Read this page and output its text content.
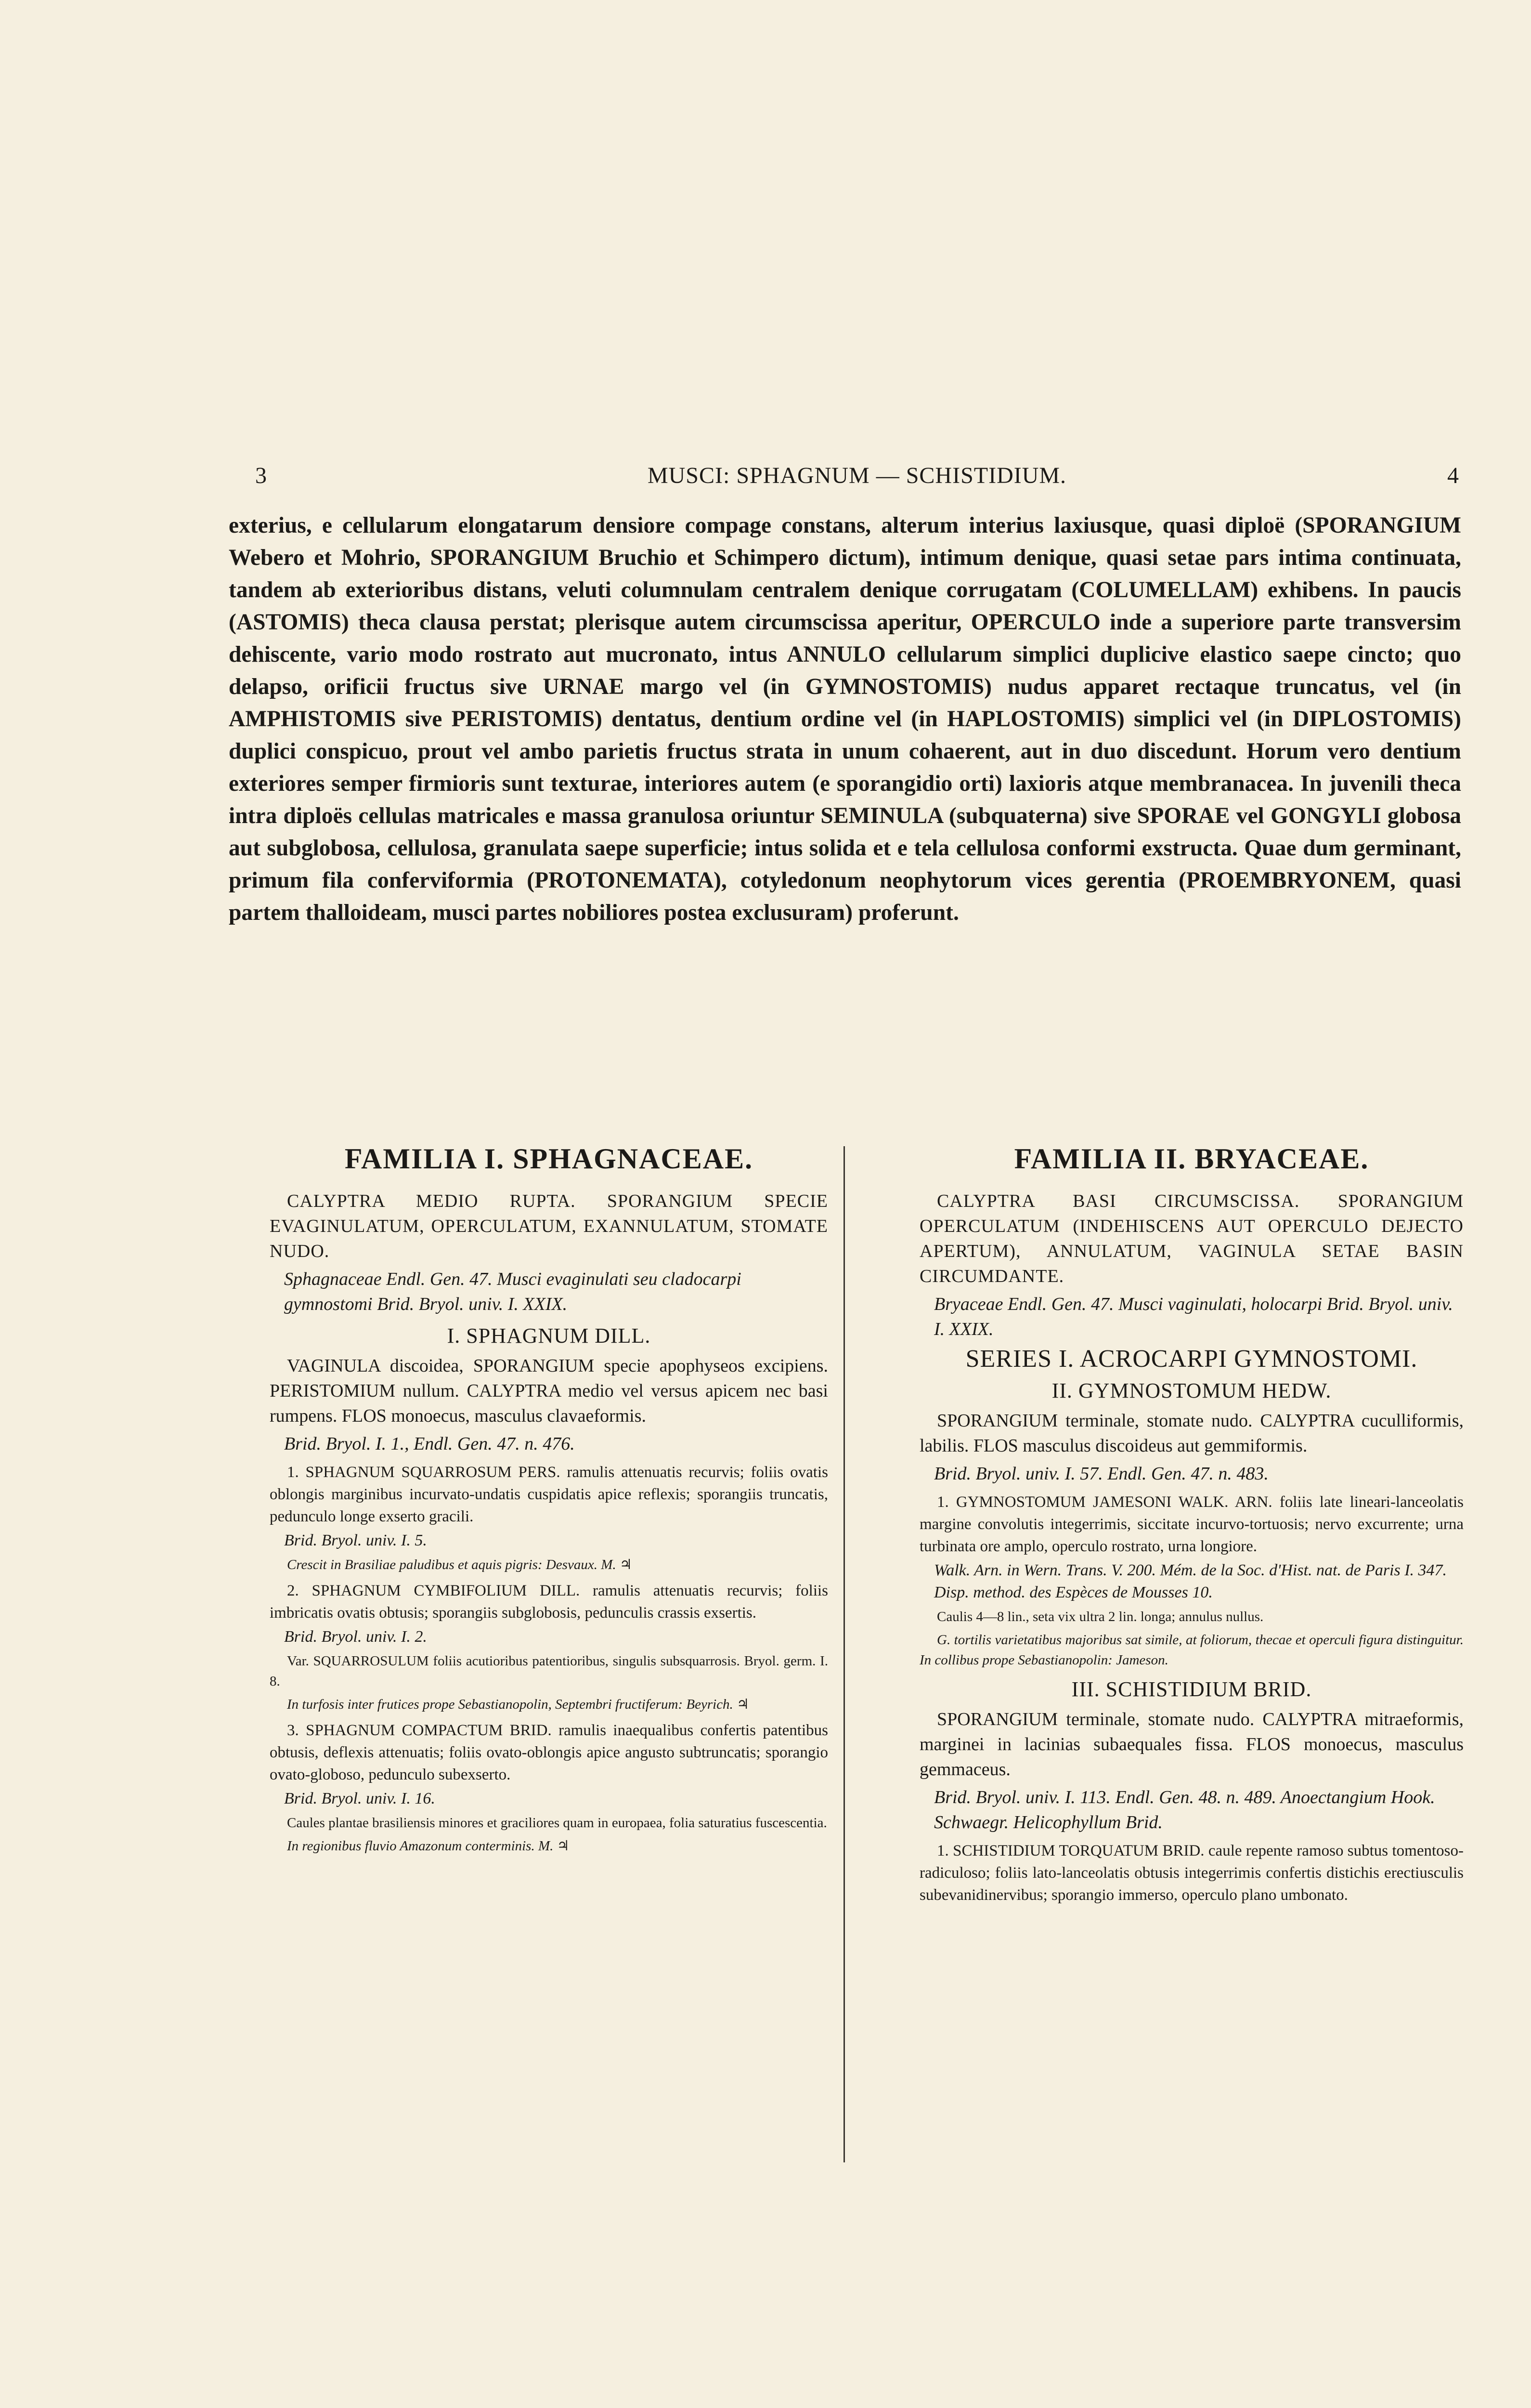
3	MUSCI: SPHAGNUM — SCHISTIDIUM.	4

exterius, e cellularum elongatarum densiore compage constans, alterum interius laxiusque, quasi diploë (SPORANGIUM Webero et Mohrio, SPORANGIUM Bruchio et Schimpero dictum), intimum denique, quasi setae pars intima continuata, tandem ab exterioribus distans, veluti columnulam centralem denique corrugatam (COLUMELLAM) exhibens. In paucis (ASTOMIS) theca clausa perstat; plerisque autem circumscissa aperitur, OPERCULO inde a superiore parte transversim dehiscente, vario modo rostrato aut mucronato, intus ANNULO cellularum simplici duplicive elastico saepe cincto; quo delapso, orificii fructus sive URNAE margo vel (in GYMNOSTOMIS) nudus apparet rectaque truncatus, vel (in AMPHISTOMIS sive PERISTOMIS) dentatus, dentium ordine vel (in HAPLOSTOMIS) simplici vel (in DIPLOSTOMIS) duplici conspicuo, prout vel ambo parietis fructus strata in unum cohaerent, aut in duo discedunt. Horum vero dentium exteriores semper firmioris sunt texturae, interiores autem (e sporangidio orti) laxioris atque membranacea. In juvenili theca intra diploës cellulas matricales e massa granulosa oriuntur SEMINULA (subquaterna) sive SPORAE vel GONGYLI globosa aut subglobosa, cellulosa, granulata saepe superficie; intus solida et e tela cellulosa conformi exstructa. Quae dum germinant, primum fila conferviformia (PROTONEMATA), cotyledonum neophytorum vices gerentia (PROEMBRYONEM, quasi partem thalloideam, musci partes nobiliores postea exclusuram) proferunt.

FAMILIA I. SPHAGNACEAE.

CALYPTRA MEDIO RUPTA. SPORANGIUM SPECIE EVAGINULATUM, OPERCULATUM, EXANNULATUM, STOMATE NUDO.

Sphagnaceae Endl. Gen. 47. Musci evaginulati seu cladocarpi gymnostomi Brid. Bryol. univ. I. XXIX.

I. SPHAGNUM DILL.

VAGINULA discoidea, SPORANGIUM specie apophyseos excipiens. PERISTOMIUM nullum. CALYPTRA medio vel versus apicem nec basi rumpens. FLOS monoecus, masculus clavaeformis.

Brid. Bryol. I. 1., Endl. Gen. 47. n. 476.

1. SPHAGNUM SQUARROSUM PERS. ramulis attenuatis recurvis; foliis ovatis oblongis marginibus incurvato-undatis cuspidatis apice reflexis; sporangiis truncatis, pedunculo longe exserto gracili.

Brid. Bryol. univ. I. 5.

Crescit in Brasiliae paludibus et aquis pigris: Desvaux. M. ♃

2. SPHAGNUM CYMBIFOLIUM DILL. ramulis attenuatis recurvis; foliis imbricatis ovatis obtusis; sporangiis subglobosis, pedunculis crassis exsertis.

Brid. Bryol. univ. I. 2.

Var. SQUARROSULUM foliis acutioribus patentioribus, singulis subsquarrosis. Bryol. germ. I. 8.

In turfosis inter frutices prope Sebastianopolin, Septembri fructiferum: Beyrich. ♃

3. SPHAGNUM COMPACTUM BRID. ramulis inaequalibus confertis patentibus obtusis, deflexis attenuatis; foliis ovato-oblongis apice angusto subtruncatis; sporangio ovato-globoso, pedunculo subexserto.

Brid. Bryol. univ. I. 16.

Caules plantae brasiliensis minores et graciliores quam in europaea, folia saturatius fuscescentia.

In regionibus fluvio Amazonum conterminis. M. ♃

FAMILIA II. BRYACEAE.

CALYPTRA BASI CIRCUMSCISSA. SPORANGIUM OPERCULATUM (INDEHISCENS AUT OPERCULO DEJECTO APERTUM), ANNULATUM, VAGINULA SETAE BASIN CIRCUMDANTE.

Bryaceae Endl. Gen. 47. Musci vaginulati, holocarpi Brid. Bryol. univ. I. XXIX.

SERIES I. ACROCARPI GYMNOSTOMI.
II. GYMNOSTOMUM HEDW.

SPORANGIUM terminale, stomate nudo. CALYPTRA cuculliformis, labilis. FLOS masculus discoideus aut gemmiformis.

Brid. Bryol. univ. I. 57. Endl. Gen. 47. n. 483.

1. GYMNOSTOMUM JAMESONI WALK. ARN. foliis late lineari-lanceolatis margine convolutis integerrimis, siccitate incurvo-tortuosis; nervo excurrente; urna turbinata ore amplo, operculo rostrato, urna longiore.

Walk. Arn. in Wern. Trans. V. 200. Mém. de la Soc. d'Hist. nat. de Paris I. 347. Disp. method. des Espèces de Mousses 10.

Caulis 4—8 lin., seta vix ultra 2 lin. longa; annulus nullus.

G. tortilis varietatibus majoribus sat simile, at foliorum, thecae et operculi figura distinguitur. In collibus prope Sebastianopolin: Jameson.

III. SCHISTIDIUM BRID.

SPORANGIUM terminale, stomate nudo. CALYPTRA mitraeformis, marginei in lacinias subaequales fissa. FLOS monoecus, masculus gemmaceus.

Brid. Bryol. univ. I. 113. Endl. Gen. 48. n. 489. Anoectangium Hook. Schwaegr. Helicophyllum Brid.

1. SCHISTIDIUM TORQUATUM BRID. caule repente ramoso subtus tomentoso-radiculoso; foliis lato-lanceolatis obtusis integerrimis confertis distichis erectiusculis subevanidinervibus; sporangio immerso, operculo plano umbonato.
